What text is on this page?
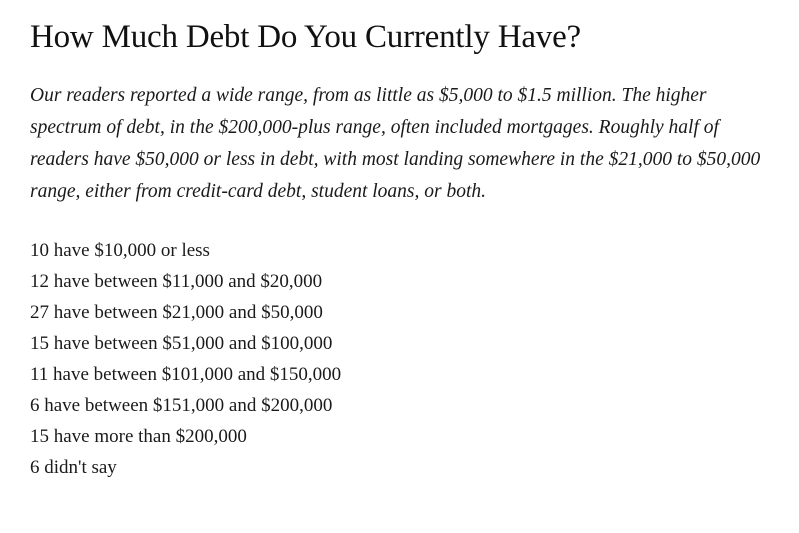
How Much Debt Do You Currently Have?

Our readers reported a wide range, from as little as $5,000 to $1.5 million. The higher spectrum of debt, in the $200,000-plus range, often included mortgages. Roughly half of readers have $50,000 or less in debt, with most landing somewhere in the $21,000 to $50,000 range, either from credit-card debt, student loans, or both.

10 have $10,000 or less
12 have between $11,000 and $20,000
27 have between $21,000 and $50,000
15 have between $51,000 and $100,000
11 have between $101,000 and $150,000
6 have between $151,000 and $200,000
15 have more than $200,000
6 didn't say
